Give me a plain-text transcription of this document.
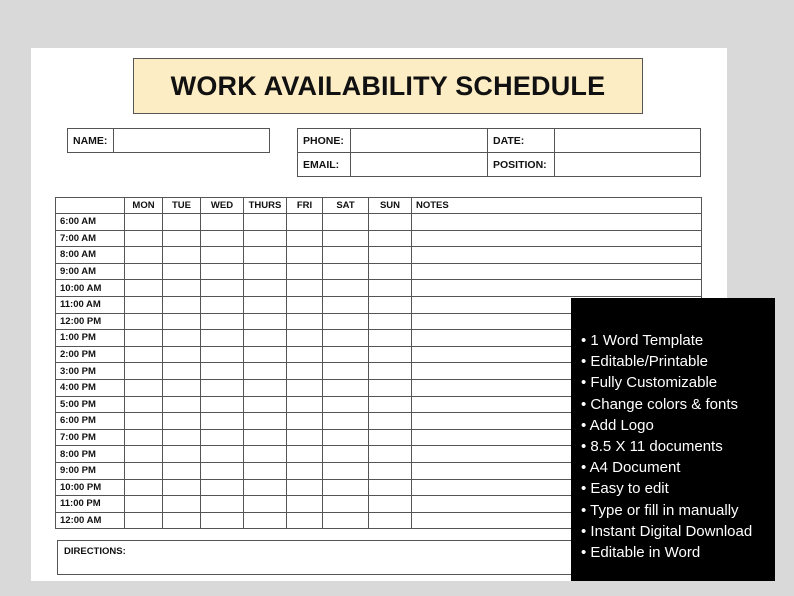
WORK AVAILABILITY SCHEDULE
NAME:		PHONE:		DATE:	
EMAIL:		POSITION:	
	MON	TUE	WED	THURS	FRI	SAT	SUN	NOTES
6:00 AM								
7:00 AM								
8:00 AM								
9:00 AM								
10:00 AM								
11:00 AM								
12:00 PM								
1:00 PM								
2:00 PM								
3:00 PM								
4:00 PM								
5:00 PM								
6:00 PM								
7:00 PM								
8:00 PM								
9:00 PM								
10:00 PM								
11:00 PM								
12:00 AM								
DIRECTIONS:
• 1 Word Template
• Editable/Printable
• Fully Customizable
• Change colors & fonts
• Add Logo
• 8.5 X 11 documents
• A4 Document
• Easy to edit
• Type or fill in manually
• Instant Digital Download
• Editable in Word
